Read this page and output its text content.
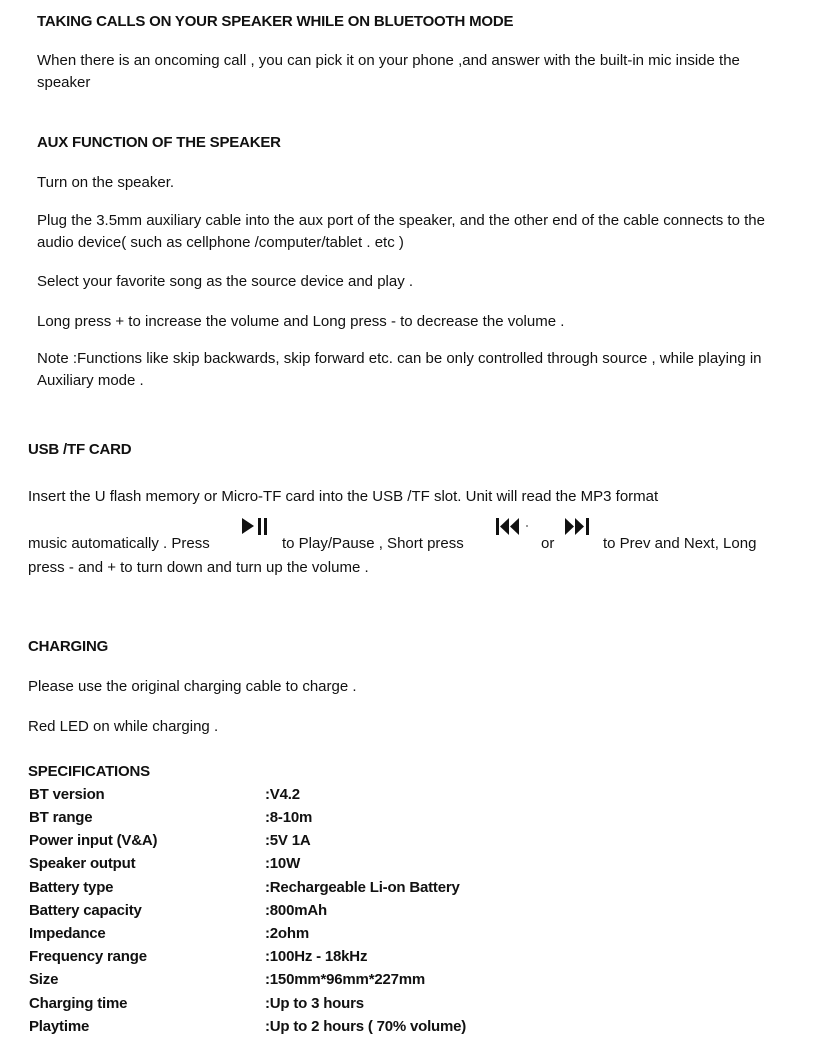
TAKING CALLS ON YOUR SPEAKER WHILE ON BLUETOOTH MODE
When there is an oncoming call , you can pick it on your phone ,and answer with the built-in mic inside the speaker
AUX FUNCTION OF THE SPEAKER
Turn on the speaker.
Plug the 3.5mm auxiliary cable into the aux port of the speaker, and the other end of the cable connects to the audio device( such as cellphone /computer/tablet . etc )
Select your favorite song as the source device and play .
Long press + to increase the volume and Long press - to decrease the volume .
Note :Functions like skip backwards, skip forward etc. can be only controlled through source , while playing in Auxiliary mode .
USB /TF CARD
Insert the U flash memory or Micro-TF card into the USB /TF slot. Unit will read the MP3 format
music automatically . Press	to Play/Pause , Short press	or	to Prev and Next, Long
press - and + to turn down and turn up the volume .
CHARGING
Please use the original charging cable to charge .
Red LED on while charging .
SPECIFICATIONS
BT version	:V4.2
BT range	:8-10m
Power input (V&A)	:5V 1A
Speaker output	:10W
Battery type	:Rechargeable Li-on Battery
Battery capacity	:800mAh
Impedance	:2ohm
Frequency range	:100Hz - 18kHz
Size	:150mm*96mm*227mm
Charging time	:Up to 3 hours
Playtime	:Up to 2 hours ( 70% volume)
